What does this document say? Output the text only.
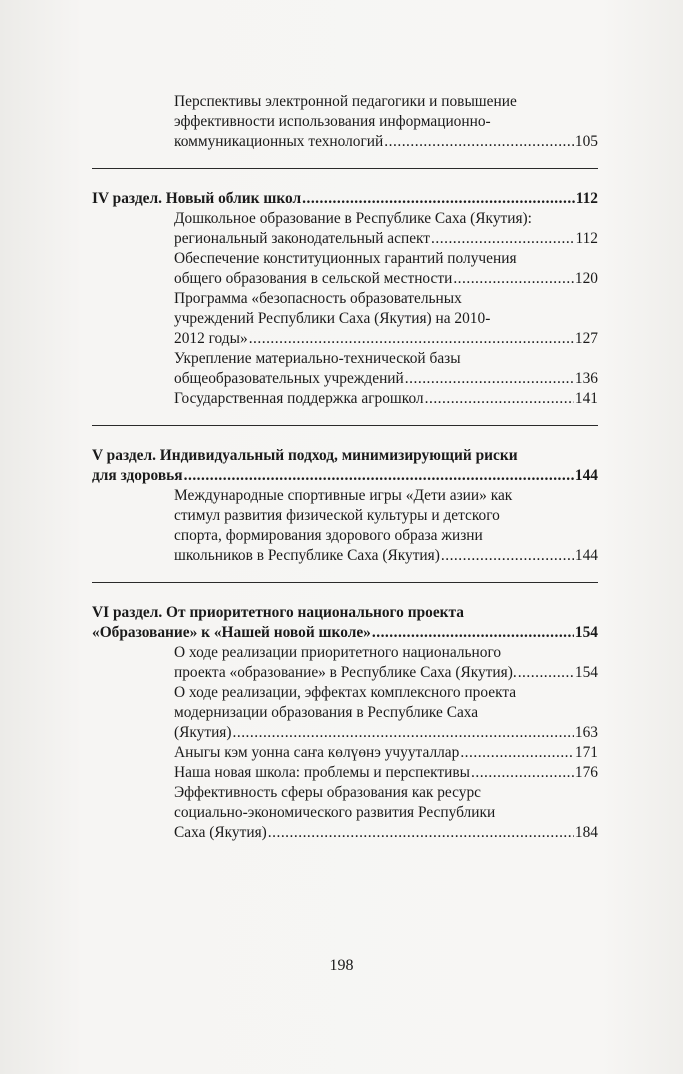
Перспективы электронной педагогики и повышение
эффективности использования информационно-
коммуникационных технологий .....	105
IV раздел. Новый облик школ .....	112
Дошкольное образование в Республике Саха (Якутия):
региональный законодательный аспект .....	112
Обеспечение конституционных гарантий получения
общего образования в сельской местности .....	120
Программа «безопасность образовательных
учреждений Республики Саха (Якутия) на 2010-
2012 годы» .....	127
Укрепление материально-технической базы
общеобразовательных учреждений .....	136
Государственная поддержка агрошкол .....	141
V раздел. Индивидуальный подход, минимизирующий риски
для здоровья .....	144
Международные спортивные игры «Дети азии» как
стимул развития физической культуры и детского
спорта, формирования здорового образа жизни
школьников в Республике Саха (Якутия) .....	144
VI раздел. От приоритетного национального проекта
«Образование» к «Нашей новой школе» .....	154
О ходе реализации приоритетного национального
проекта «образование» в Республике Саха (Якутия). .....	154
О ходе реализации, эффектах комплексного проекта
модернизации образования в Республике Саха
(Якутия) .....	163
Аныгы кэм уонна саҥа көлүөнэ учууталлар .....	171
Наша новая школа: проблемы и перспективы .....	176
Эффективность сферы образования как ресурс
социально-экономического развития Республики
Саха (Якутия) .....	184
198
